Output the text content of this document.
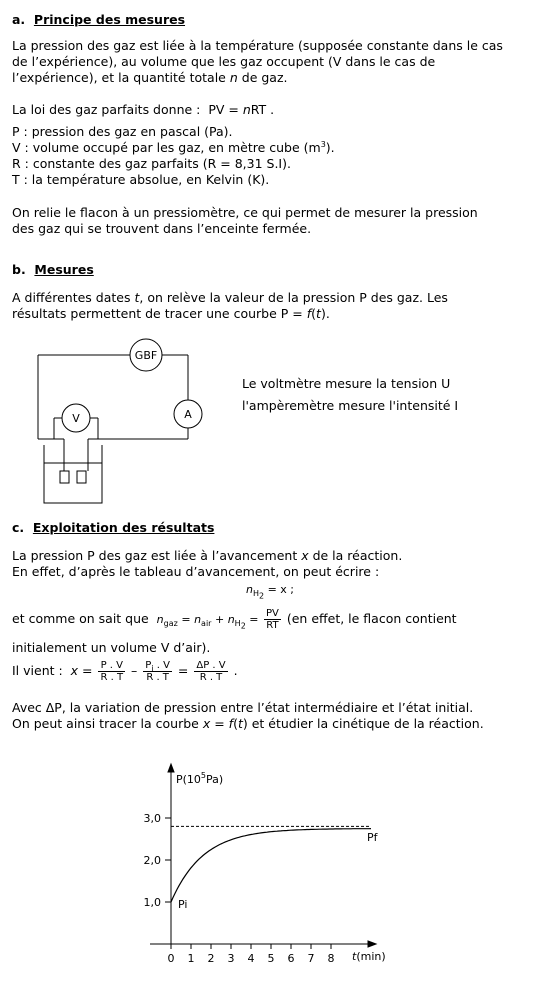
a. Principe des mesures
La pression des gaz est liée à la température (supposée constante dans le cas
de l’expérience), au volume que les gaz occupent (V dans le cas de
l’expérience), et la quantité totale n de gaz.
La loi des gaz parfaits donne : PV = nRT .
P : pression des gaz en pascal (Pa).
V : volume occupé par les gaz, en mètre cube $(m^3)$.
R : constante des gaz parfaits (R = 8,31 S.I).
T : la température absolue, en Kelvin (K).
On relie le flacon à un pressiomètre, ce qui permet de mesurer la pression
des gaz qui se trouvent dans l’enceinte fermée.
b. Mesures
A différentes dates t, on relève la valeur de la pression P des gaz. Les
résultats permettent de tracer une courbe P = f(t).
GBF
A
V
Le voltmètre mesure la tension U
l'ampèremètre mesure l'intensité I
c. Exploitation des résultats
La pression P des gaz est liée à l’avancement x de la réaction.
En effet, d’après le tableau d’avancement, on peut écrire :
$n_{H_2} = x$ ;
et comme on sait que $n_{gaz} = n_{air} + n_{H_2} = \frac{PV}{RT} (en$ effet, le flacon contient
initialement un volume V d’air).
Il vient : $x = \frac{P . V}{R . T} - \frac{P_i . V}{R . T} = \frac{\Delta P . V}{R . T}$ .
Avec ΔP, la variation de pression entre l’état intermédiaire et l’état initial.
On peut ainsi tracer la courbe x = f(t) et étudier la cinétique de la réaction.
0 1 2 3 4 5 6 7 8
1,0
2,0
3,0
$P(10^5Pa)$
t(min)
Pf
Pi
